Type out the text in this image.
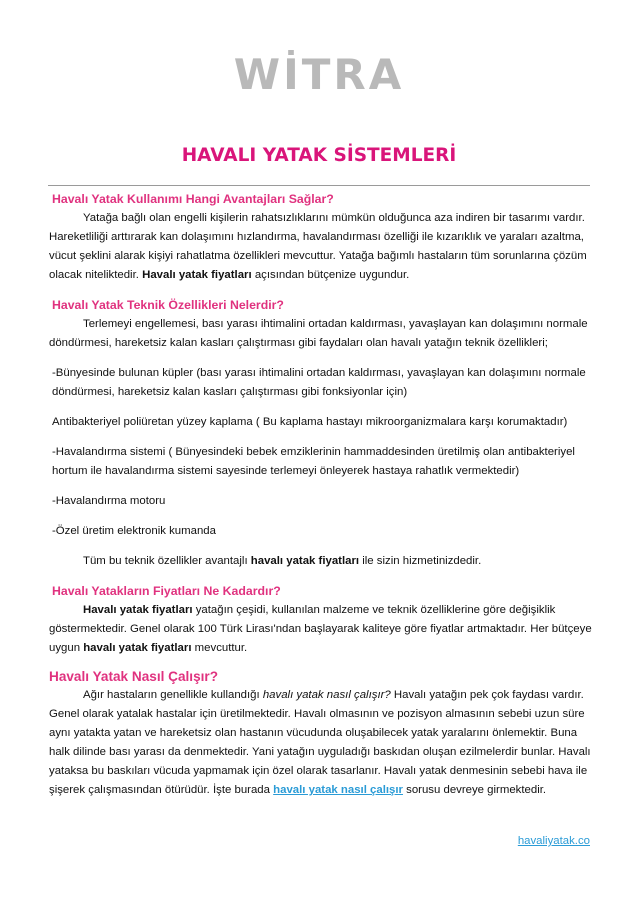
WİTRA
HAVALI YATAK SİSTEMLERİ
Havalı Yatak Kullanımı Hangi Avantajları Sağlar?

Yatağa bağlı olan engelli kişilerin rahatsızlıklarını mümkün olduğunca aza indiren bir tasarımı vardır. Hareketliliği arttırarak kan dolaşımını hızlandırma, havalandırması özelliği ile kızarıklık ve yaraları azaltma, vücut şeklini alarak kişiyi rahatlatma özellikleri mevcuttur. Yatağa bağımlı hastaların tüm sorunlarına çözüm olacak niteliktedir. Havalı yatak fiyatları açısından bütçenize uygundur.

Havalı Yatak Teknik Özellikleri Nelerdir?

Terlemeyi engellemesi, bası yarası ihtimalini ortadan kaldırması, yavaşlayan kan dolaşımını normale döndürmesi, hareketsiz kalan kasları çalıştırması gibi faydaları olan havalı yatağın teknik özellikleri;

-Bünyesinde bulunan küpler (bası yarası ihtimalini ortadan kaldırması, yavaşlayan kan dolaşımını normale döndürmesi, hareketsiz kalan kasları çalıştırması gibi fonksiyonlar için)

Antibakteriyel poliüretan yüzey kaplama ( Bu kaplama hastayı mikroorganizmalara karşı korumaktadır)

-Havalandırma sistemi ( Bünyesindeki bebek emziklerinin hammaddesinden üretilmiş olan antibakteriyel hortum ile havalandırma sistemi sayesinde terlemeyi önleyerek hastaya rahatlık vermektedir)

-Havalandırma motoru

-Özel üretim elektronik kumanda

Tüm bu teknik özellikler avantajlı havalı yatak fiyatları ile sizin hizmetinizdedir.

Havalı Yatakların Fiyatları Ne Kadardır?

Havalı yatak fiyatları yatağın çeşidi, kullanılan malzeme ve teknik özelliklerine göre değişiklik göstermektedir. Genel olarak 100 Türk Lirası'ndan başlayarak kaliteye göre fiyatlar artmaktadır. Her bütçeye uygun havalı yatak fiyatları mevcuttur.

Havalı Yatak Nasıl Çalışır?

Ağır hastaların genellikle kullandığı havalı yatak nasıl çalışır? Havalı yatağın pek çok faydası vardır. Genel olarak yatalak hastalar için üretilmektedir. Havalı olmasının ve pozisyon almasının sebebi uzun süre aynı yatakta yatan ve hareketsiz olan hastanın vücudunda oluşabilecek yatak yaralarını önlemektir. Buna halk dilinde bası yarası da denmektedir. Yani yatağın uyguladığı baskıdan oluşan ezilmelerdir bunlar. Havalı yataksa bu baskıları vücuda yapmamak için özel olarak tasarlanır. Havalı yatak denmesinin sebebi hava ile şişerek çalışmasından ötürüdür. İşte burada havalı yatak nasıl çalışır sorusu devreye girmektedir.

havaliyatak.co
